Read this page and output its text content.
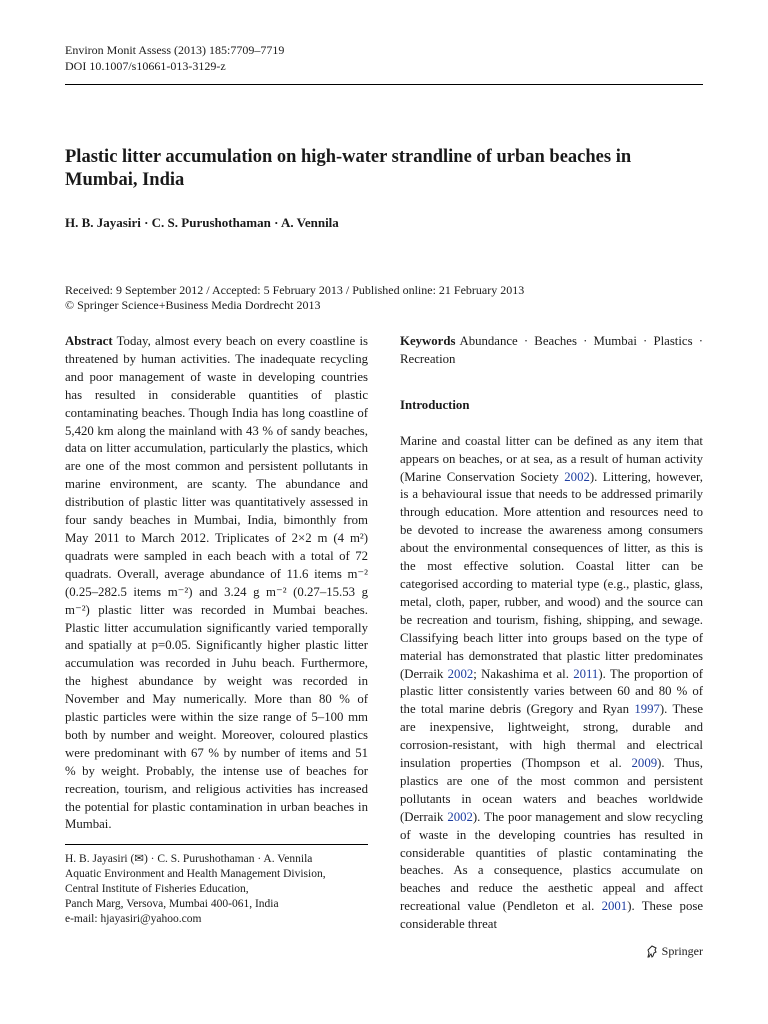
Environ Monit Assess (2013) 185:7709–7719
DOI 10.1007/s10661-013-3129-z
Plastic litter accumulation on high-water strandline of urban beaches in Mumbai, India
H. B. Jayasiri · C. S. Purushothaman · A. Vennila
Received: 9 September 2012 / Accepted: 5 February 2013 / Published online: 21 February 2013
© Springer Science+Business Media Dordrecht 2013
Abstract Today, almost every beach on every coastline is threatened by human activities. The inadequate recycling and poor management of waste in developing countries has resulted in considerable quantities of plastic contaminating beaches. Though India has long coastline of 5,420 km along the mainland with 43 % of sandy beaches, data on litter accumulation, particularly the plastics, which are one of the most common and persistent pollutants in marine environment, are scanty. The abundance and distribution of plastic litter was quantitatively assessed in four sandy beaches in Mumbai, India, bimonthly from May 2011 to March 2012. Triplicates of 2×2 m (4 m²) quadrats were sampled in each beach with a total of 72 quadrats. Overall, average abundance of 11.6 items m⁻² (0.25–282.5 items m⁻²) and 3.24 g m⁻² (0.27–15.53 g m⁻²) plastic litter was recorded in Mumbai beaches. Plastic litter accumulation significantly varied temporally and spatially at p=0.05. Significantly higher plastic litter accumulation was recorded in Juhu beach. Furthermore, the highest abundance by weight was recorded in November and May numerically. More than 80 % of plastic particles were within the size range of 5–100 mm both by number and weight. Moreover, coloured plastics were predominant with 67 % by number of items and 51 % by weight. Probably, the intense use of beaches for recreation, tourism, and religious activities has increased the potential for plastic contamination in urban beaches in Mumbai.
H. B. Jayasiri (✉) · C. S. Purushothaman · A. Vennila
Aquatic Environment and Health Management Division,
Central Institute of Fisheries Education,
Panch Marg, Versova, Mumbai 400-061, India
e-mail: hjayasiri@yahoo.com
Keywords Abundance · Beaches · Mumbai · Plastics · Recreation
Introduction
Marine and coastal litter can be defined as any item that appears on beaches, or at sea, as a result of human activity (Marine Conservation Society 2002). Littering, however, is a behavioural issue that needs to be addressed primarily through education. More attention and resources need to be devoted to increase the awareness among consumers about the environmental consequences of litter, as this is the most effective solution. Coastal litter can be categorised according to material type (e.g., plastic, glass, metal, cloth, paper, rubber, and wood) and the source can be recreation and tourism, fishing, shipping, and sewage. Classifying beach litter into groups based on the type of material has demonstrated that plastic litter predominates (Derraik 2002; Nakashima et al. 2011). The proportion of plastic litter consistently varies between 60 and 80 % of the total marine debris (Gregory and Ryan 1997). These are inexpensive, lightweight, strong, durable and corrosion-resistant, with high thermal and electrical insulation properties (Thompson et al. 2009). Thus, plastics are one of the most common and persistent pollutants in ocean waters and beaches worldwide (Derraik 2002). The poor management and slow recycling of waste in the developing countries has resulted in considerable quantities of plastic contaminating the beaches. As a consequence, plastics accumulate on beaches and reduce the aesthetic appeal and affect recreational value (Pendleton et al. 2001). These pose considerable threat
Springer
